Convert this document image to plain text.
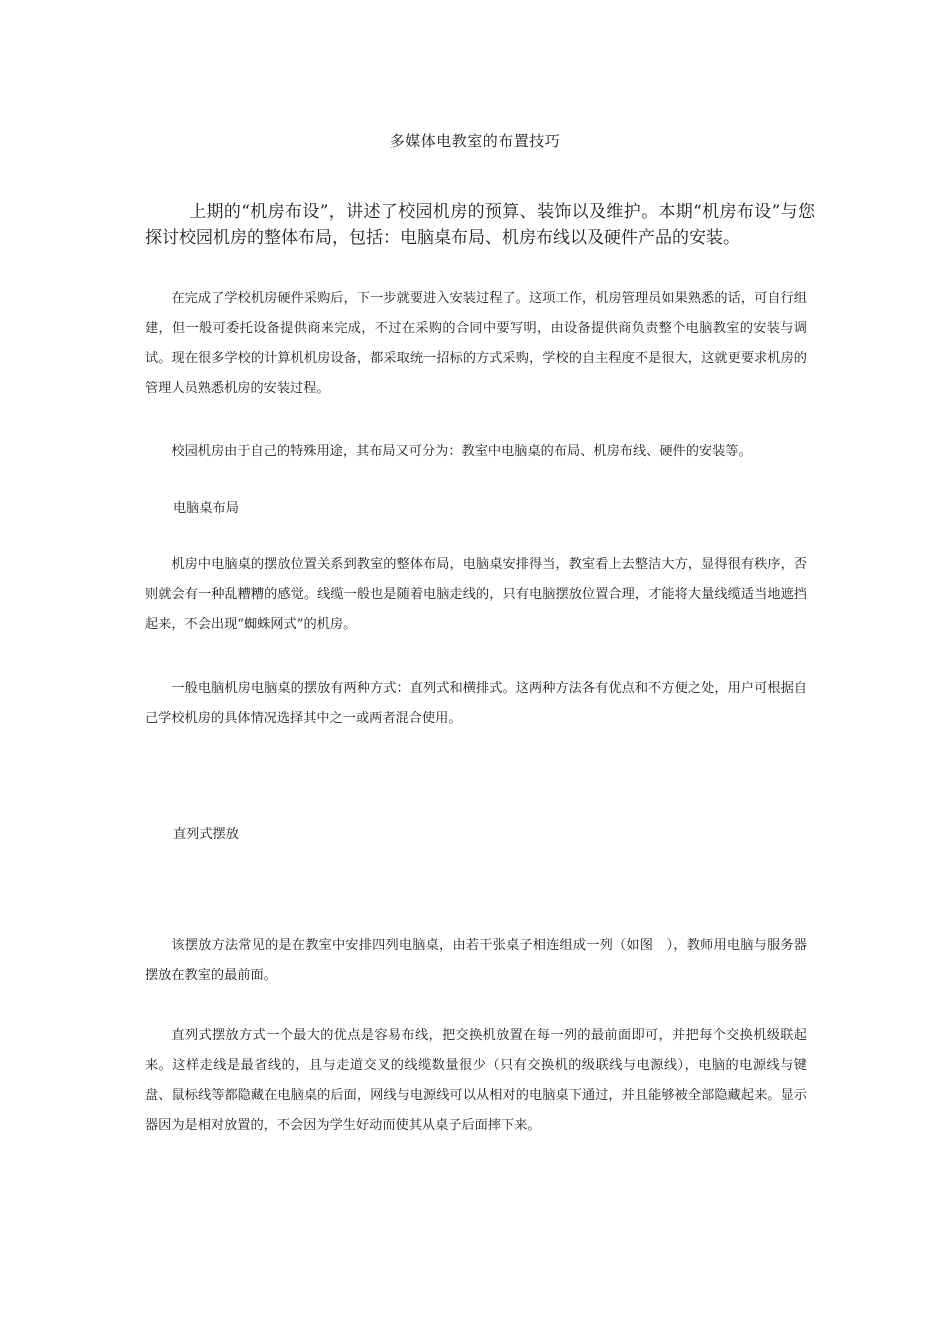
多媒体电教室的布置技巧
上期的“机房布设”，讲述了校园机房的预算、装饰以及维护。本期“机房布设”与您探讨校园机房的整体布局，包括：电脑桌布局、机房布线以及硬件产品的安装。

在完成了学校机房硬件采购后，下一步就要进入安装过程了。这项工作，机房管理员如果熟悉的话，可自行组建，但一般可委托设备提供商来完成，不过在采购的合同中要写明，由设备提供商负责整个电脑教室的安装与调试。现在很多学校的计算机机房设备，都采取统一招标的方式采购，学校的自主程度不是很大，这就更要求机房的管理人员熟悉机房的安装过程。

校园机房由于自己的特殊用途，其布局又可分为：教室中电脑桌的布局、机房布线、硬件的安装等。

电脑桌布局

机房中电脑桌的摆放位置关系到教室的整体布局，电脑桌安排得当，教室看上去整洁大方，显得很有秩序，否则就会有一种乱糟糟的感觉。线缆一般也是随着电脑走线的，只有电脑摆放位置合理，才能将大量线缆适当地遮挡起来，不会出现“蜘蛛网式”的机房。

一般电脑机房电脑桌的摆放有两种方式：直列式和横排式。这两种方法各有优点和不方便之处，用户可根据自己学校机房的具体情况选择其中之一或两者混合使用。

直列式摆放

该摆放方法常见的是在教室中安排四列电脑桌，由若干张桌子相连组成一列（如图　），教师用电脑与服务器摆放在教室的最前面。

直列式摆放方式一个最大的优点是容易布线，把交换机放置在每一列的最前面即可，并把每个交换机级联起来。这样走线是最省线的，且与走道交叉的线缆数量很少（只有交换机的级联线与电源线），电脑的电源线与键盘、鼠标线等都隐藏在电脑桌的后面，网线与电源线可以从相对的电脑桌下通过，并且能够被全部隐藏起来。显示器因为是相对放置的，不会因为学生好动而使其从桌子后面摔下来。
